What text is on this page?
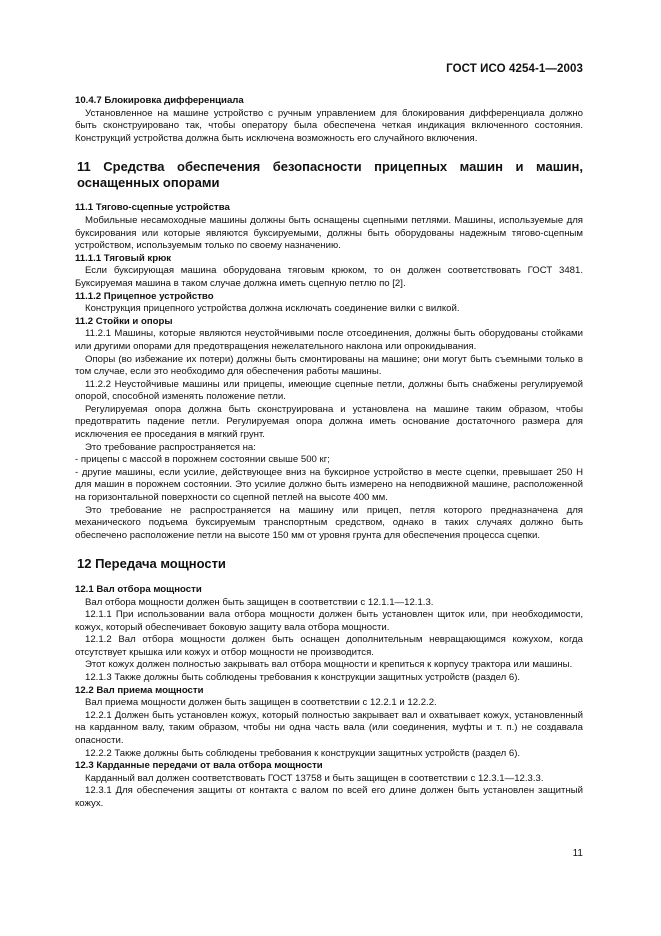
ГОСТ ИСО 4254-1—2003

10.4.7 Блокировка дифференциала

Установленное на машине устройство с ручным управлением для блокирования дифференциала должно быть сконструировано так, чтобы оператору была обеспечена четкая индикация включенного состояния. Конструкций устройства должна быть исключена возможность его случайного включения.

11 Средства обеспечения безопасности прицепных машин и машин, оснащенных опорами

11.1 Тягово-сцепные устройства

Мобильные несамоходные машины должны быть оснащены сцепными петлями. Машины, используемые для буксирования или которые являются буксируемыми, должны быть оборудованы надежным тягово-сцепным устройством, используемым только по своему назначению.

11.1.1 Тяговый крюк

Если буксирующая машина оборудована тяговым крюком, то он должен соответствовать ГОСТ 3481. Буксируемая машина в таком случае должна иметь сцепную петлю по [2].

11.1.2 Прицепное устройство

Конструкция прицепного устройства должна исключать соединение вилки с вилкой.

11.2 Стойки и опоры

11.2.1 Машины, которые являются неустойчивыми после отсоединения, должны быть оборудованы стойками или другими опорами для предотвращения нежелательного наклона или опрокидывания.

Опоры (во избежание их потери) должны быть смонтированы на машине; они могут быть съемными только в том случае, если это необходимо для обеспечения работы машины.

11.2.2 Неустойчивые машины или прицепы, имеющие сцепные петли, должны быть снабжены регулируемой опорой, способной изменять положение петли.

Регулируемая опора должна быть сконструирована и установлена на машине таким образом, чтобы предотвратить падение петли. Регулируемая опора должна иметь основание достаточного размера для исключения ее проседания в мягкий грунт.

Это требование распространяется на:

- прицепы с массой в порожнем состоянии свыше 500 кг;

- другие машины, если усилие, действующее вниз на буксирное устройство в месте сцепки, превышает 250 Н для машин в порожнем состоянии. Это усилие должно быть измерено на неподвижной машине, расположенной на горизонтальной поверхности со сцепной петлей на высоте 400 мм.

Это требование не распространяется на машину или прицеп, петля которого предназначена для механического подъема буксируемым транспортным средством, однако в таких случаях должно быть обеспечено расположение петли на высоте 150 мм от уровня грунта для обеспечения процесса сцепки.

12 Передача мощности

12.1 Вал отбора мощности

Вал отбора мощности должен быть защищен в соответствии с 12.1.1—12.1.3.

12.1.1 При использовании вала отбора мощности должен быть установлен щиток или, при необходимости, кожух, который обеспечивает боковую защиту вала отбора мощности.

12.1.2 Вал отбора мощности должен быть оснащен дополнительным невращающимся кожухом, когда отсутствует крышка или кожух и отбор мощности не производится.

Этот кожух должен полностью закрывать вал отбора мощности и крепиться к корпусу трактора или машины.

12.1.3 Также должны быть соблюдены требования к конструкции защитных устройств (раздел 6).

12.2 Вал приема мощности

Вал приема мощности должен быть защищен в соответствии с 12.2.1 и 12.2.2.

12.2.1 Должен быть установлен кожух, который полностью закрывает вал и охватывает кожух, установленный на карданном валу, таким образом, чтобы ни одна часть вала (или соединения, муфты и т. п.) не создавала опасности.

12.2.2 Также должны быть соблюдены требования к конструкции защитных устройств (раздел 6).

12.3 Карданные передачи от вала отбора мощности

Карданный вал должен соответствовать ГОСТ 13758 и быть защищен в соответствии с 12.3.1—12.3.3.

12.3.1 Для обеспечения защиты от контакта с валом по всей его длине должен быть установлен защитный кожух.

11
